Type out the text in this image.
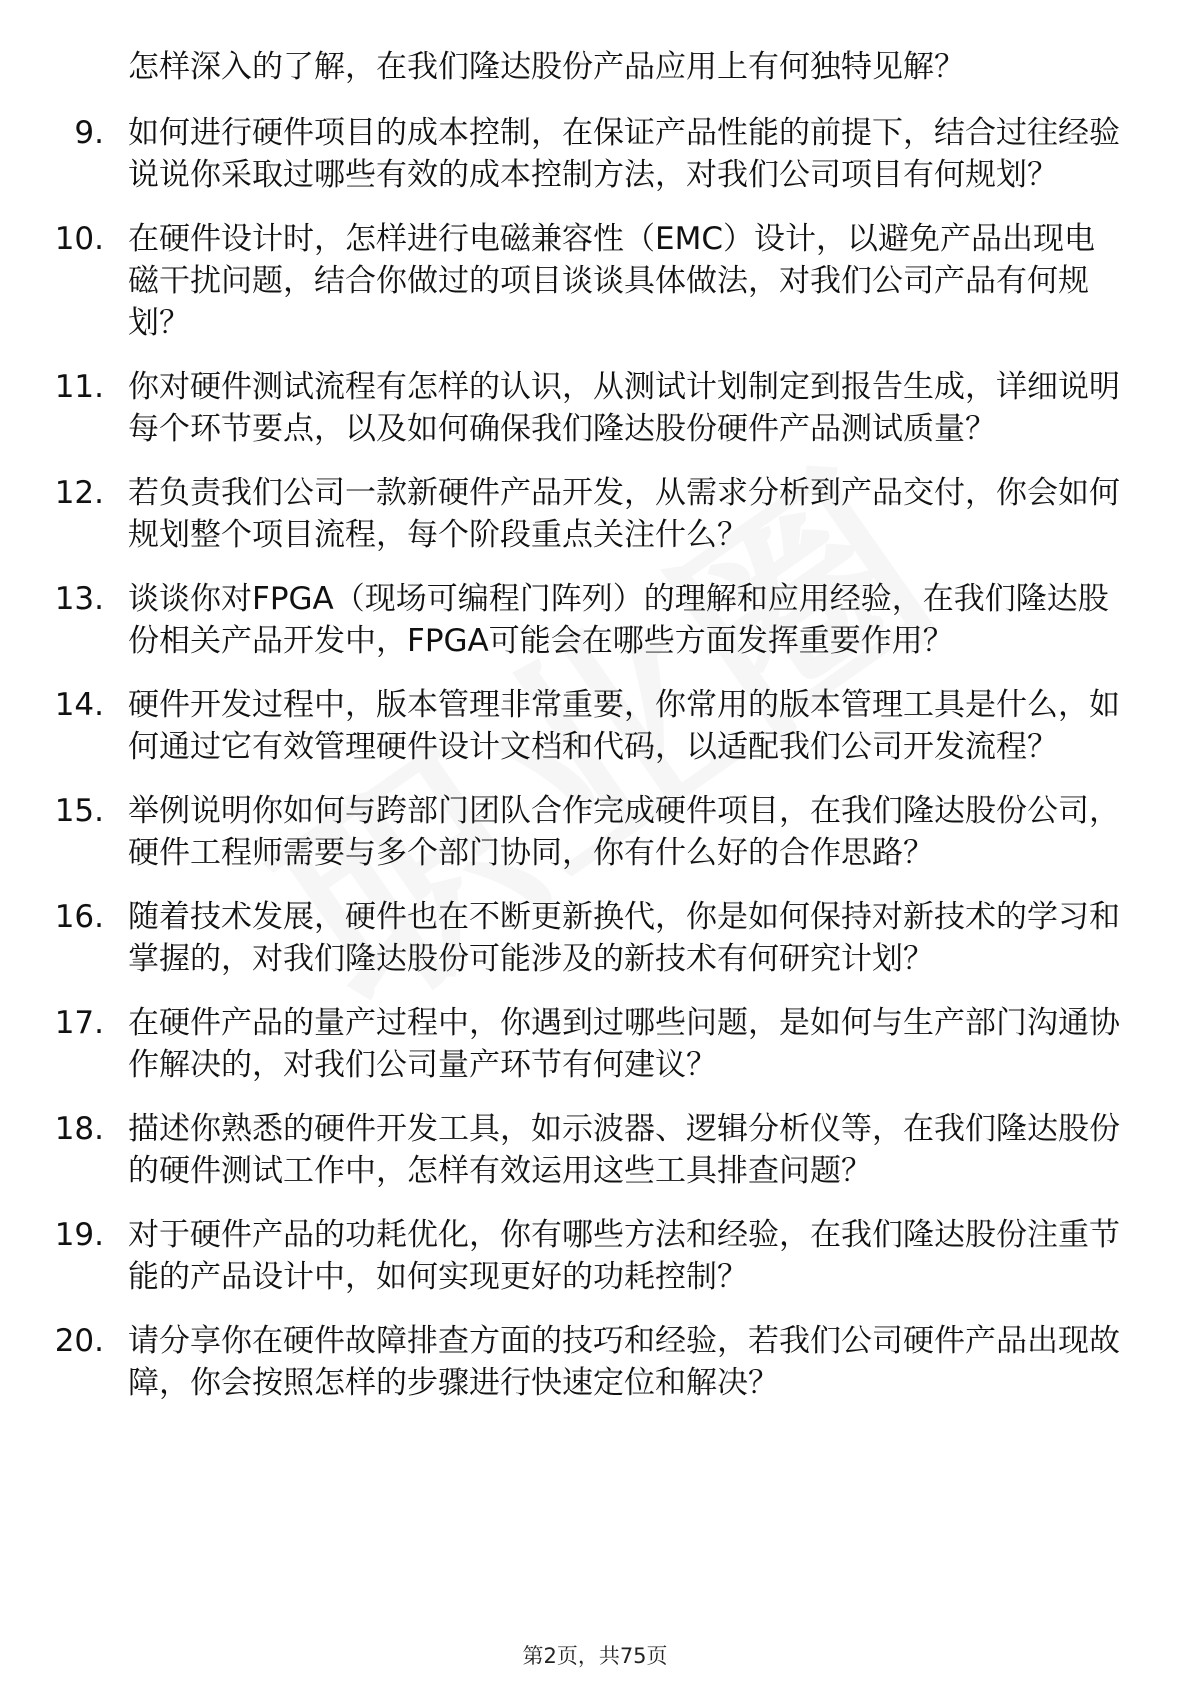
怎样深入的了解，在我们隆达股份产品应用上有何独特见解？
9. 如何进行硬件项目的成本控制，在保证产品性能的前提下，结合过往经验说说你采取过哪些有效的成本控制方法，对我们公司项目有何规划？
10. 在硬件设计时，怎样进行电磁兼容性（EMC）设计，以避免产品出现电磁干扰问题，结合你做过的项目谈谈具体做法，对我们公司产品有何规划？
11. 你对硬件测试流程有怎样的认识，从测试计划制定到报告生成，详细说明每个环节要点，以及如何确保我们隆达股份硬件产品测试质量？
12. 若负责我们公司一款新硬件产品开发，从需求分析到产品交付，你会如何规划整个项目流程，每个阶段重点关注什么？
13. 谈谈你对FPGA（现场可编程门阵列）的理解和应用经验，在我们隆达股份相关产品开发中，FPGA可能会在哪些方面发挥重要作用？
14. 硬件开发过程中，版本管理非常重要，你常用的版本管理工具是什么，如何通过它有效管理硬件设计文档和代码，以适配我们公司开发流程？
15. 举例说明你如何与跨部门团队合作完成硬件项目，在我们隆达股份公司，硬件工程师需要与多个部门协同，你有什么好的合作思路？
16. 随着技术发展，硬件也在不断更新换代，你是如何保持对新技术的学习和掌握的，对我们隆达股份可能涉及的新技术有何研究计划？
17. 在硬件产品的量产过程中，你遇到过哪些问题，是如何与生产部门沟通协作解决的，对我们公司量产环节有何建议？
18. 描述你熟悉的硬件开发工具，如示波器、逻辑分析仪等，在我们隆达股份的硬件测试工作中，怎样有效运用这些工具排查问题？
19. 对于硬件产品的功耗优化，你有哪些方法和经验，在我们隆达股份注重节能的产品设计中，如何实现更好的功耗控制？
20. 请分享你在硬件故障排查方面的技巧和经验，若我们公司硬件产品出现故障，你会按照怎样的步骤进行快速定位和解决？
第2页，共75页
